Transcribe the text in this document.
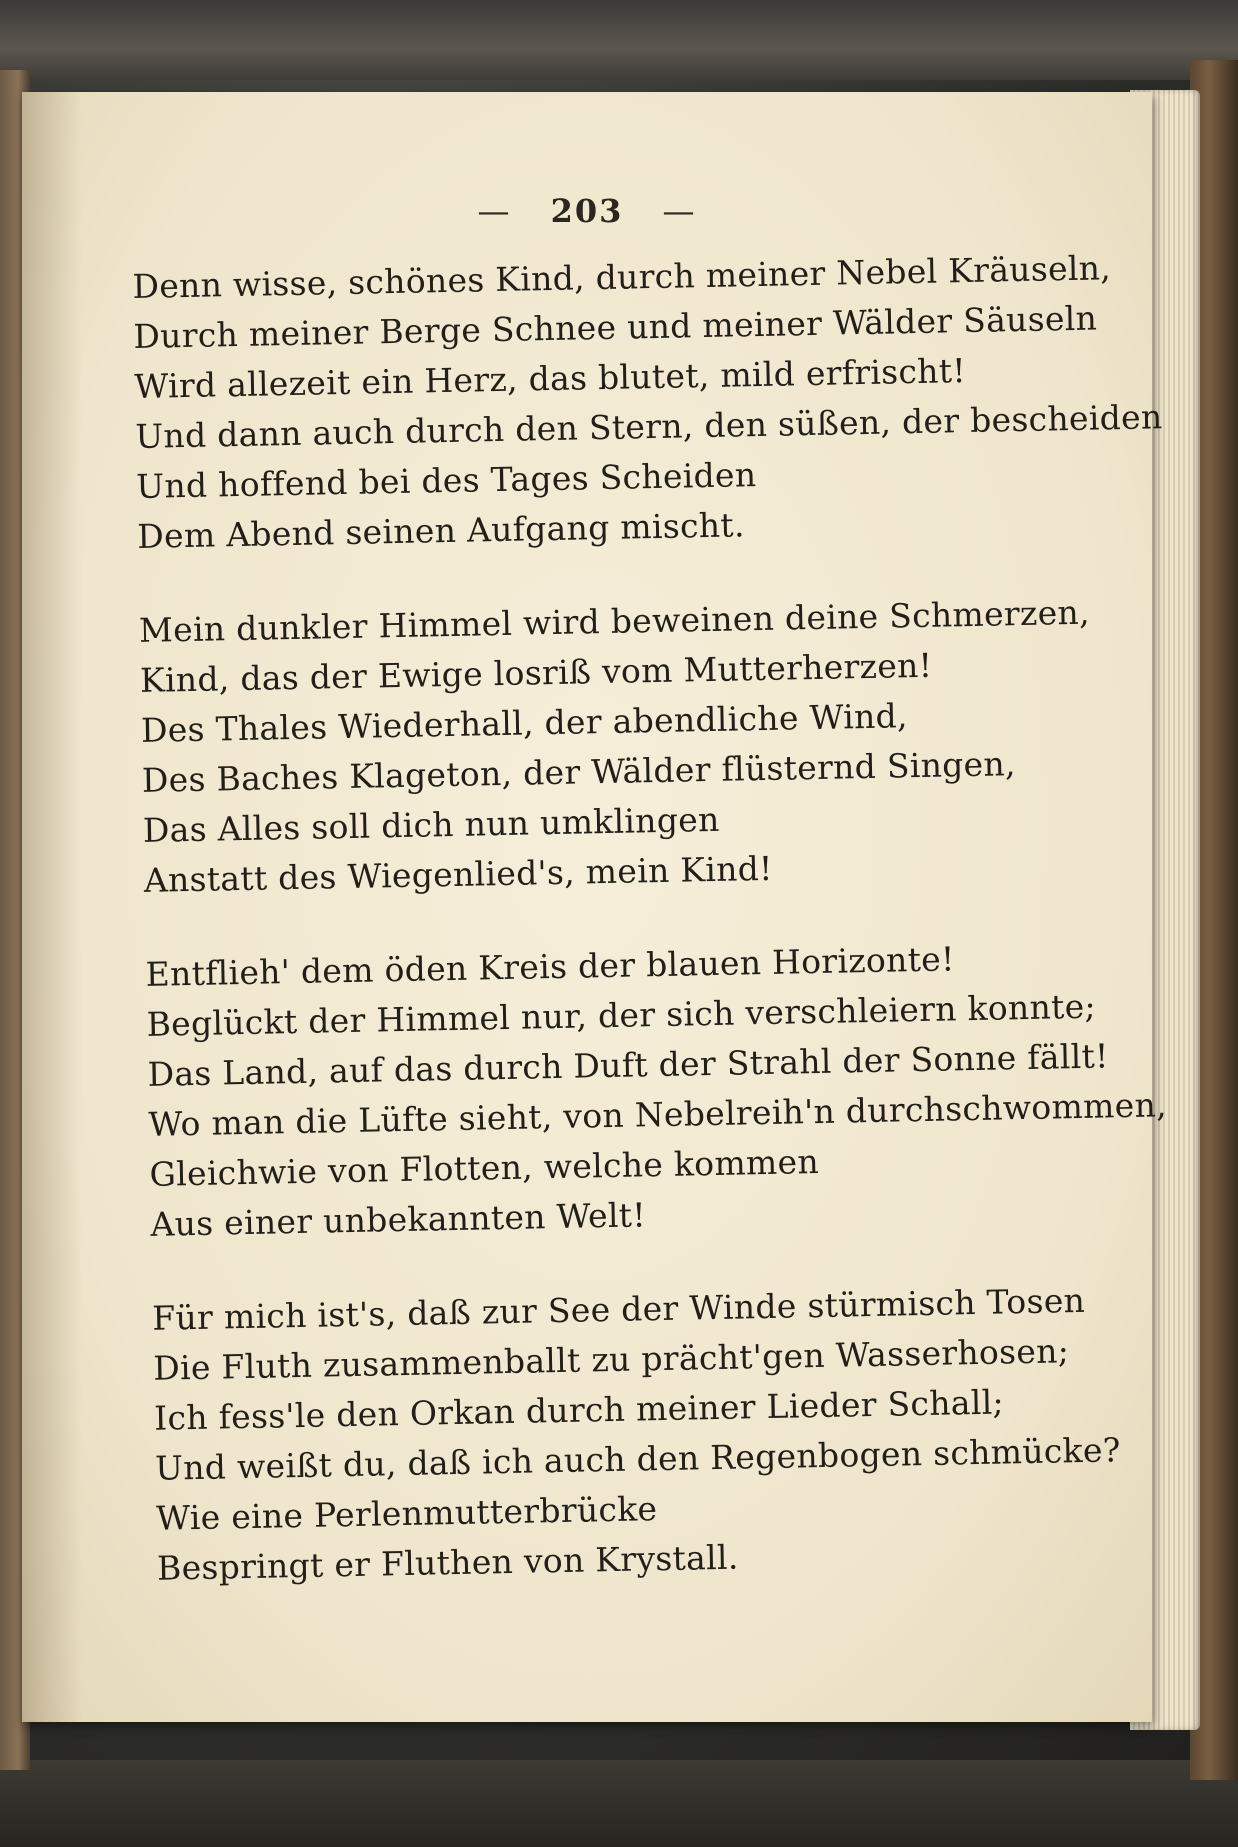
— 203 —
Denn wisse, schönes Kind, durch meiner Nebel Kräuseln,
Durch meiner Berge Schnee und meiner Wälder Säuseln
Wird allezeit ein Herz, das blutet, mild erfrischt!
Und dann auch durch den Stern, den süßen, der bescheiden
Und hoffend bei des Tages Scheiden
Dem Abend seinen Aufgang mischt.
Mein dunkler Himmel wird beweinen deine Schmerzen,
Kind, das der Ewige losriß vom Mutterherzen!
Des Thales Wiederhall, der abendliche Wind,
Des Baches Klageton, der Wälder flüsternd Singen,
Das Alles soll dich nun umklingen
Anstatt des Wiegenlied's, mein Kind!
Entflieh' dem öden Kreis der blauen Horizonte!
Beglückt der Himmel nur, der sich verschleiern konnte;
Das Land, auf das durch Duft der Strahl der Sonne fällt!
Wo man die Lüfte sieht, von Nebelreih'n durchschwommen,
Gleichwie von Flotten, welche kommen
Aus einer unbekannten Welt!
Für mich ist's, daß zur See der Winde stürmisch Tosen
Die Fluth zusammenballt zu prächt'gen Wasserhosen;
Ich fess'le den Orkan durch meiner Lieder Schall;
Und weißt du, daß ich auch den Regenbogen schmücke?
Wie eine Perlenmutterbrücke
Bespringt er Fluthen von Krystall.
